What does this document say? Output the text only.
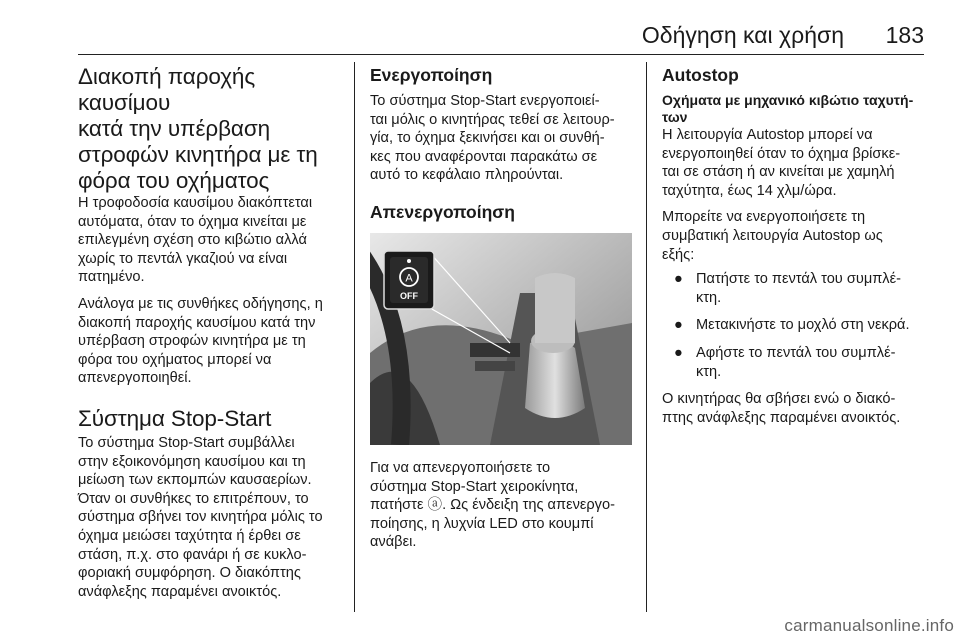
Οδήγηση και χρήση 183
Διακοπή παροχής καυσίμου
κατά την υπέρβαση
στροφών κινητήρα με τη
φόρα του οχήματος

Η τροφοδοσία καυσίμου διακόπτεται
αυτόματα, όταν το όχημα κινείται με
επιλεγμένη σχέση στο κιβώτιο αλλά
χωρίς το πεντάλ γκαζιού να είναι
πατημένο.

Ανάλογα με τις συνθήκες οδήγησης, η
διακοπή παροχής καυσίμου κατά την
υπέρβαση στροφών κινητήρα με τη
φόρα του οχήματος μπορεί να
απενεργοποιηθεί.

Σύστημα Stop-Start

Το σύστημα Stop-Start συμβάλλει
στην εξοικονόμηση καυσίμου και τη
μείωση των εκπομπών καυσαερίων.
Όταν οι συνθήκες το επιτρέπουν, το
σύστημα σβήνει τον κινητήρα μόλις το
όχημα μειώσει ταχύτητα ή έρθει σε
στάση, π.χ. στο φανάρι ή σε κυκλο-
φοριακή συμφόρηση. Ο διακόπτης
ανάφλεξης παραμένει ανοικτός.

Ενεργοποίηση

Το σύστημα Stop-Start ενεργοποιεί-
ται μόλις ο κινητήρας τεθεί σε λειτουρ-
γία, το όχημα ξεκινήσει και οι συνθή-
κες που αναφέρονται παρακάτω σε
αυτό το κεφάλαιο πληρούνται.

Απενεργοποίηση
A
OFF

Για να απενεργοποιήσετε το
σύστημα Stop-Start χειροκίνητα,
πατήστε ⓐ. Ως ένδειξη της απενεργο-
ποίησης, η λυχνία LED στο κουμπί
ανάβει.

Autostop
Οχήματα με μηχανικό κιβώτιο ταχυτή-
των

Η λειτουργία Autostop μπορεί να
ενεργοποιηθεί όταν το όχημα βρίσκε-
ται σε στάση ή αν κινείται με χαμηλή
ταχύτητα, έως 14 χλμ/ώρα.

Μπορείτε να ενεργοποιήσετε τη
συμβατική λειτουργία Autostop ως
εξής:

● Πατήστε το πεντάλ του συμπλέ-
κτη.
● Μετακινήστε το μοχλό στη νεκρά.
● Αφήστε το πεντάλ του συμπλέ-
κτη.

Ο κινητήρας θα σβήσει ενώ ο διακό-
πτης ανάφλεξης παραμένει ανοικτός.

carmanualsonline.info
